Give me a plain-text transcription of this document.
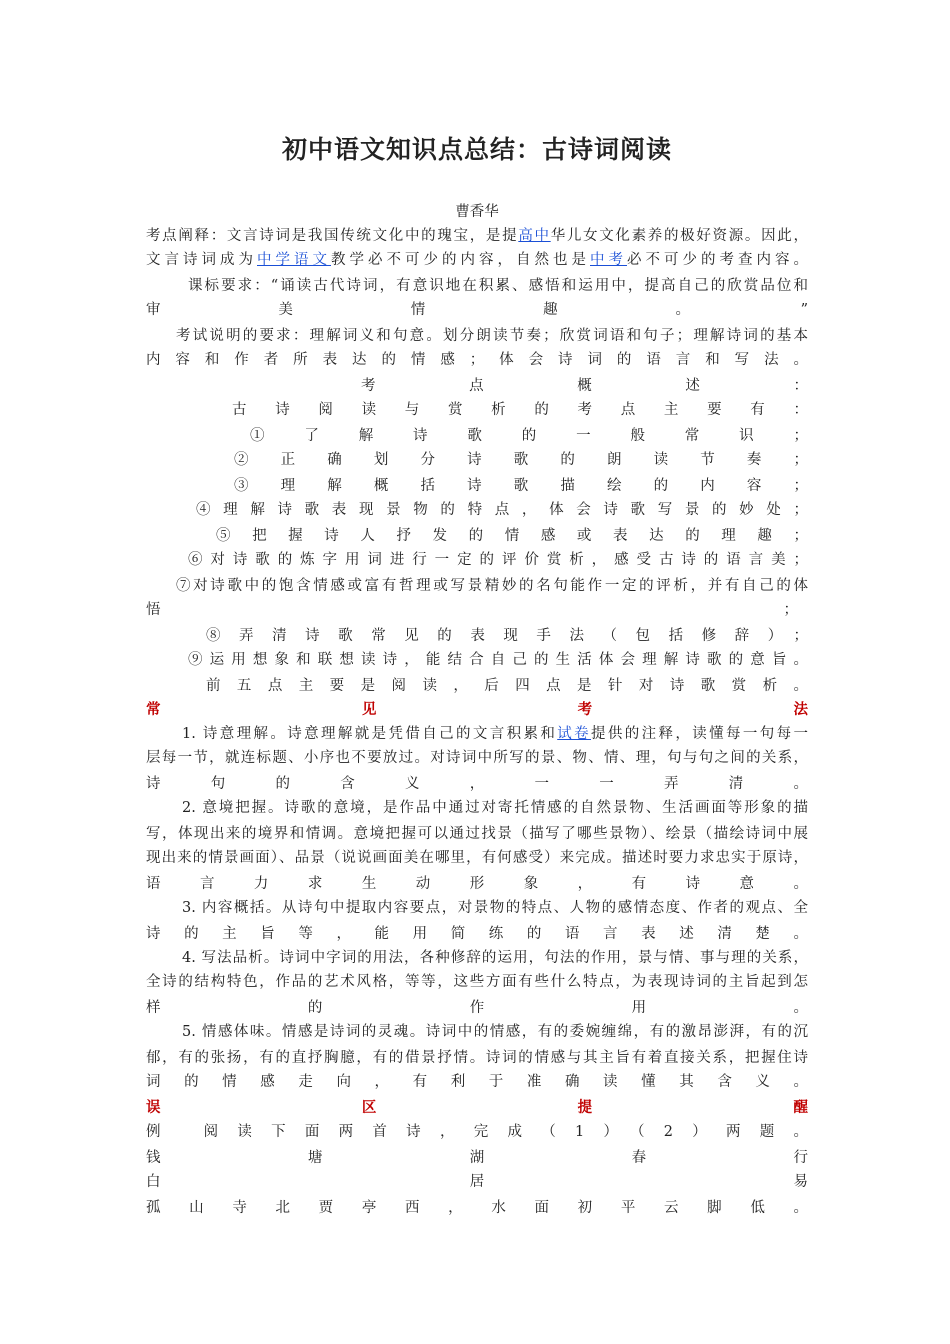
初中语文知识点总结：古诗词阅读
曹香华
考点阐释：文言诗词是我国传统文化中的瑰宝，是提高中华儿女文化素养的极好资源。因此，
文言诗词成为中学语文教学必不可少的内容，自然也是中考必不可少的考查内容。
课标要求：“诵读古代诗词，有意识地在积累、感悟和运用中，提高自己的欣赏品位和
审　美　情　趣　。　”
考试说明的要求：理解词义和句意。划分朗读节奏；欣赏词语和句子；理解诗词的基本
内容和作者所表达的情感；体会诗词的语言和写法。
考　点　概　述　：
古诗阅读与赏析的考点主要有：
①了解诗歌的一般常识；
②正确划分诗歌的朗读节奏；
③理解概括诗歌描绘的内容；
④理解诗歌表现景物的特点，体会诗歌写景的妙处；
⑤把握诗人抒发的情感或表达的理趣；
⑥对诗歌的炼字用词进行一定的评价赏析，感受古诗的语言美；
⑦对诗歌中的饱含情感或富有哲理或写景精妙的名句能作一定的评析，并有自己的体
悟	；
⑧弄清诗歌常见的表现手法（包括修辞）；
⑨运用想象和联想读诗，能结合自己的生活体会理解诗歌的意旨。
前五点主要是阅读，后四点是针对诗歌赏析。
常　见　考　法
1. 诗意理解。诗意理解就是凭借自己的文言积累和试卷提供的注释，读懂每一句每一
层每一节，就连标题、小序也不要放过。对诗词中所写的景、物、情、理，句与句之间的关系，
诗句的含义，一一弄清。
2. 意境把握。诗歌的意境，是作品中通过对寄托情感的自然景物、生活画面等形象的描
写，体现出来的境界和情调。意境把握可以通过找景（描写了哪些景物）、绘景（描绘诗词中展
现出来的情景画面）、品景（说说画面美在哪里，有何感受）来完成。描述时要力求忠实于原诗，
语言力求生动形象，有诗意。
3. 内容概括。从诗句中提取内容要点，对景物的特点、人物的感情态度、作者的观点、全
诗的主旨等，能用简练的语言表述清楚。
4. 写法品析。诗词中字词的用法，各种修辞的运用，句法的作用，景与情、事与理的关系，
全诗的结构特色，作品的艺术风格，等等，这些方面有些什么特点，为表现诗词的主旨起到怎
样的作用。
5. 情感体味。情感是诗词的灵魂。诗词中的情感，有的委婉缠绵，有的激昂澎湃，有的沉
郁，有的张扬，有的直抒胸臆，有的借景抒情。诗词的情感与其主旨有着直接关系，把握住诗
词的情感走向，有利于准确读懂其含义。
误　区　提　醒
例 阅读下面两首诗，完成（1）（2）两题。
钱　塘　湖　春　行
白　居　易
孤山寺北贾亭西，水面初平云脚低。
